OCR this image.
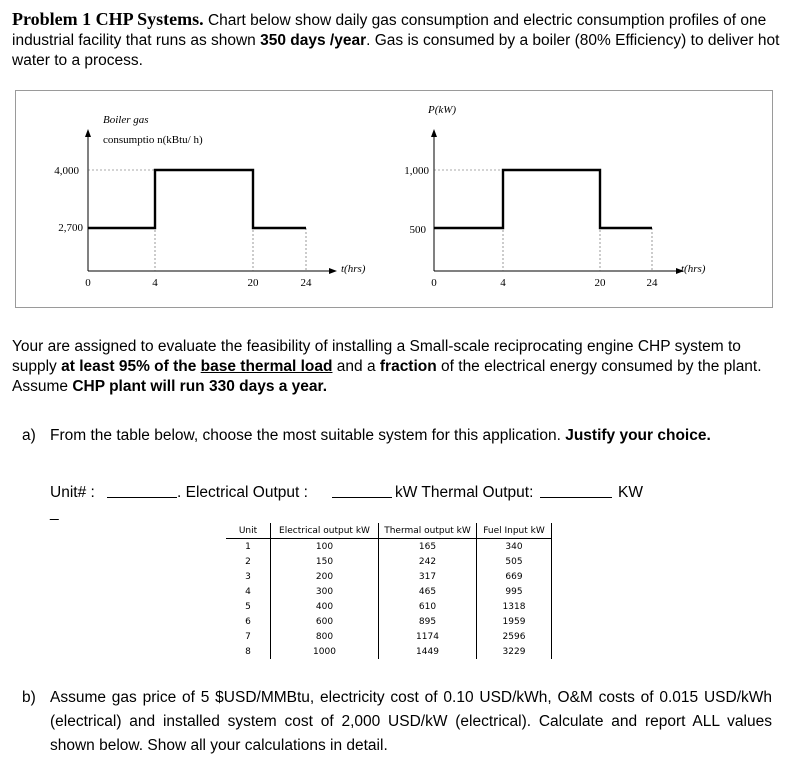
Problem 1 CHP Systems. Chart below show daily gas consumption and electric consumption profiles of one industrial facility that runs as shown 350 days /year. Gas is consumed by a boiler (80% Efficiency) to deliver hot water to a process.

Boiler gas
consumptio n(kBtu/ h)
t(hrs)
4,000
2,700
0	4	20	24
P(kW)
t(hrs)
1,000
500
0	4	20	24

Your are assigned to evaluate the feasibility of installing a Small-scale reciprocating engine CHP system to supply at least 95% of the base thermal load and a fraction of the electrical energy consumed by the plant. Assume CHP plant will run 330 days a year.

a) From the table below, choose the most suitable system for this application. Justify your choice.
Unit# :	. Electrical Output :	kW Thermal Output:	KW
_
Unit	Electrical output kW	Thermal output kW	Fuel Input kW
1	100	165	340
2	150	242	505
3	200	317	669
4	300	465	995
5	400	610	1318
6	600	895	1959
7	800	1174	2596
8	1000	1449	3229
b) Assume gas price of 5 $USD/MMBtu, electricity cost of 0.10 USD/kWh, O&M costs of 0.015 USD/kWh (electrical) and installed system cost of 2,000 USD/kW (electrical). Calculate and report ALL values shown below. Show all your calculations in detail.
